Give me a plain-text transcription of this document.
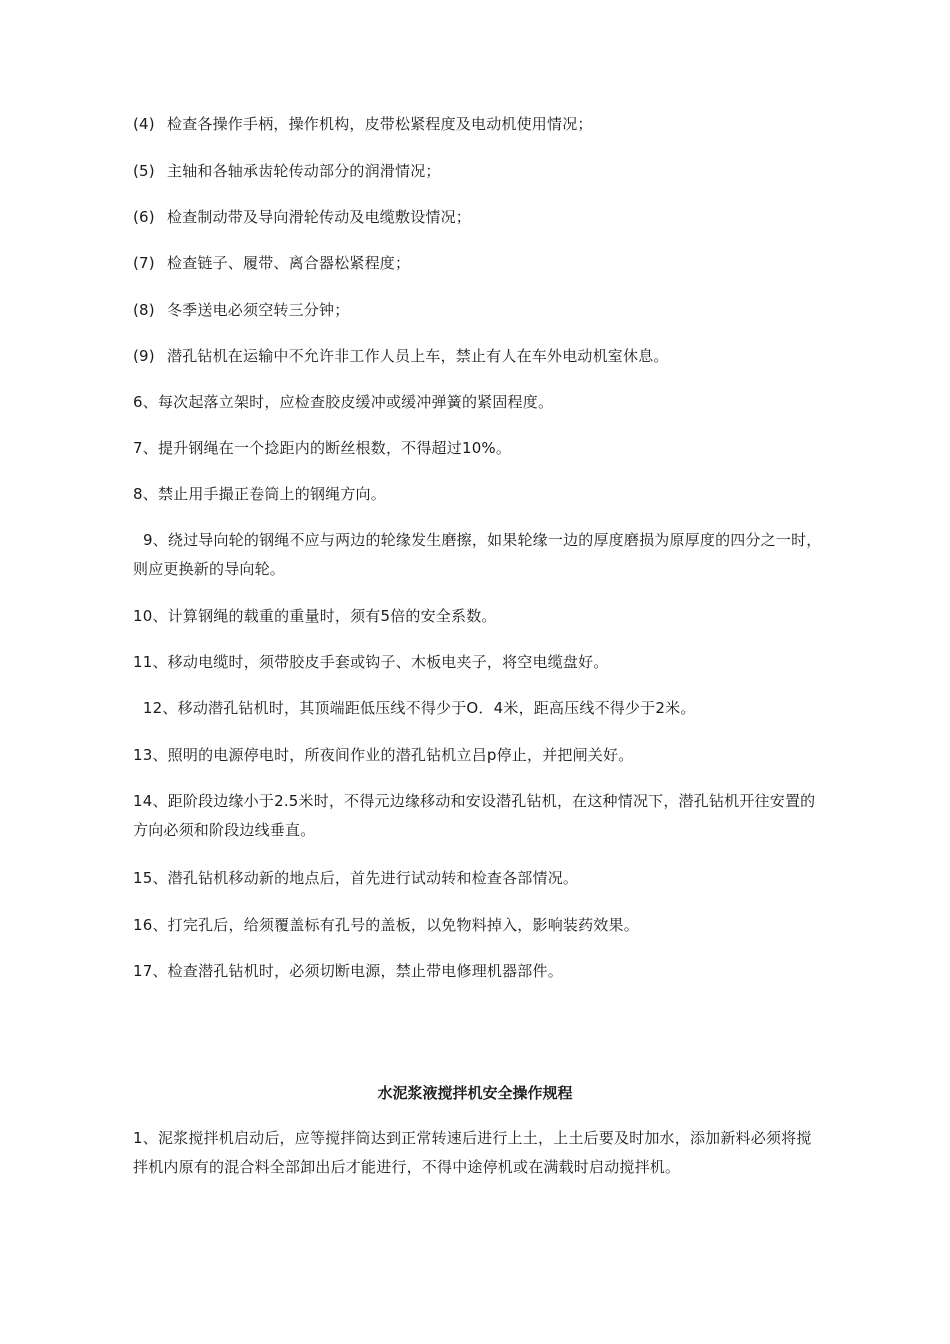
(4) 检查各操作手柄，操作机构，皮带松紧程度及电动机使用情况；
(5) 主轴和各轴承齿轮传动部分的润滑情况；
(6) 检查制动带及导向滑轮传动及电缆敷设情况；
(7) 检查链子、履带、离合器松紧程度；
(8) 冬季送电必须空转三分钟；
(9) 潜孔钻机在运输中不允许非工作人员上车，禁止有人在车外电动机室休息。
6、每次起落立架时，应检查胶皮缓冲或缓冲弹簧的紧固程度。
7、提升钢绳在一个捻距内的断丝根数，不得超过10%。
8、禁止用手撮正卷筒上的钢绳方向。
9、绕过导向轮的钢绳不应与两边的轮缘发生磨擦，如果轮缘一边的厚度磨损为原厚度的四分之一时，则应更换新的导向轮。
10、计算钢绳的载重的重量时，须有5倍的安全系数。
11、移动电缆时，须带胶皮手套或钩子、木板电夹子，将空电缆盘好。
12、移动潜孔钻机时，其顶端距低压线不得少于O．4米，距高压线不得少于2米。
13、照明的电源停电时，所夜间作业的潜孔钻机立吕p停止，并把闸关好。
14、距阶段边缘小于2.5米时，不得元边缘移动和安设潜孔钻机，在这种情况下，潜孔钻机开往安置的方向必须和阶段边线垂直。
15、潜孔钻机移动新的地点后，首先进行试动转和检查各部情况。
16、打完孔后，给须覆盖标有孔号的盖板，以免物料掉入，影响装药效果。
17、检查潜孔钻机时，必须切断电源，禁止带电修理机器部件。
水泥浆液搅拌机安全操作规程
1、泥浆搅拌机启动后，应等搅拌筒达到正常转速后进行上土，上土后要及时加水，添加新料必须将搅拌机内原有的混合料全部卸出后才能进行，不得中途停机或在满载时启动搅拌机。
